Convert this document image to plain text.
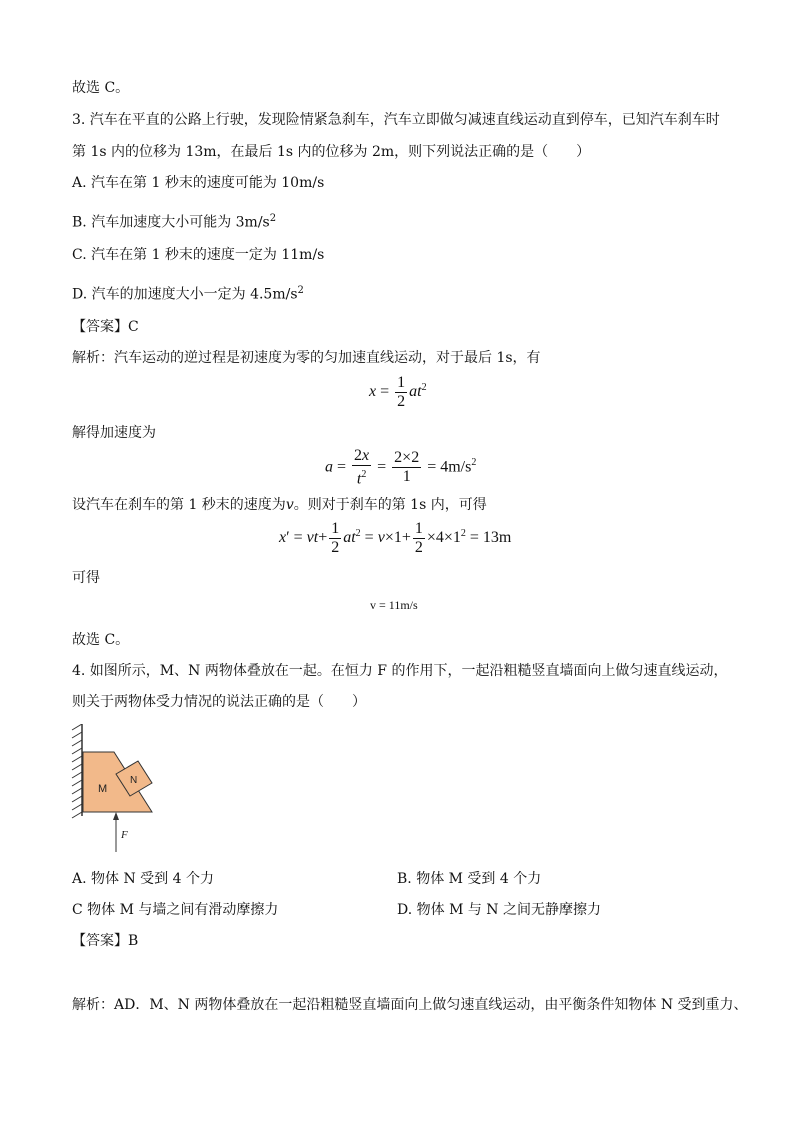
故选 C。
3. 汽车在平直的公路上行驶，发现险情紧急刹车，汽车立即做匀减速直线运动直到停车，已知汽车刹车时
第 1s 内的位移为 13m，在最后 1s 内的位移为 2m，则下列说法正确的是（　　）
A. 汽车在第 1 秒末的速度可能为 10m/s
B. 汽车加速度大小可能为 $3m/s^2$
C. 汽车在第 1 秒末的速度一定为 11m/s
D. 汽车的加速度大小一定为 $4.5m/s^2$
【答案】C
解析：汽车运动的逆过程是初速度为零的匀加速直线运动，对于最后 1s，有
$x = \frac{1}{2} at^2$
解得加速度为
$a = \frac{2x}{t^2} = \frac{2\times 2}{1} = 4m/s^2$
设汽车在刹车的第 1 秒末的速度为v。则对于刹车的第 1s 内，可得
$x' = vt+ \frac{1}{2} at^2 = v\times 1+ \frac{1}{2} \times 4\times 1^2 = 13m$
可得
v = 11m/s
故选 C。
4. 如图所示，M、N 两物体叠放在一起。在恒力 F 的作用下，一起沿粗糙竖直墙面向上做匀速直线运动，
则关于两物体受力情况的说法正确的是（　　）
M
N
F
A. 物体 N 受到 4 个力	B. 物体 M 受到 4 个力
C 物体 M 与墙之间有滑动摩擦力	D. 物体 M 与 N 之间无静摩擦力
【答案】B
解析：AD．M、N 两物体叠放在一起沿粗糙竖直墙面向上做匀速直线运动，由平衡条件知物体 N 受到重力、
